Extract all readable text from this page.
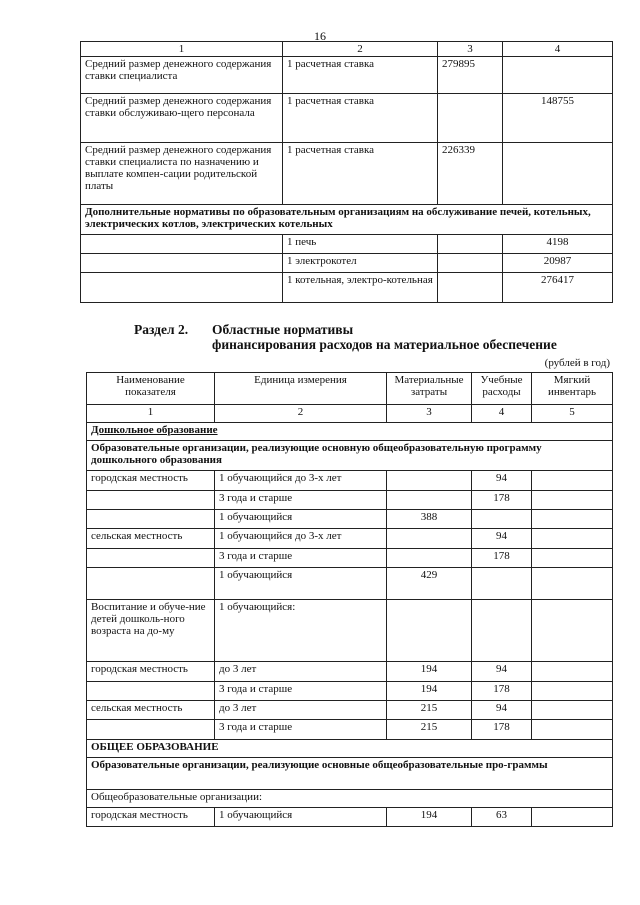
16
1	2	3	4
Средний размер денежного содержания ставки специалиста	1 расчетная ставка	279895	
Средний размер денежного содержания ставки обслуживаю-щего персонала	1 расчетная ставка		148755
Средний размер денежного содержания ставки специалиста по назначению и выплате компен-сации родительской платы	1 расчетная ставка	226339	
Дополнительные нормативы по образовательным организациям на обслуживание печей, котельных, электрических котлов, электрических котельных			
	1 печь		4198
	1 электрокотел		20987
	1 котельная, электро-котельная		276417
Раздел 2. Областные нормативы
финансирования расходов на материальное обеспечение
(рублей в год)
Наименование показателя	Единица измерения	Материальные затраты	Учебные расходы	Мягкий инвентарь
1	2	3	4	5
Дошкольное образование				
Образовательные организации, реализующие основную общеобразовательную программу дошкольного образования				
городская местность	1 обучающийся до 3-х лет		94	
	3 года и старше		178	
	1 обучающийся	388		
сельская местность	1 обучающийся до 3-х лет		94	
	3 года и старше		178	
	1 обучающийся	429		
Воспитание и обуче-ние детей дошколь-ного возраста на до-му	1 обучающийся:			
городская местность	до 3 лет	194	94	
	3 года и старше	194	178	
сельская местность	до 3 лет	215	94	
	3 года и старше	215	178	
ОБЩЕЕ ОБРАЗОВАНИЕ				
Образовательные организации, реализующие основные общеобразовательные про-граммы				
Общеобразовательные организации:				
городская местность	1 обучающийся	194	63	
